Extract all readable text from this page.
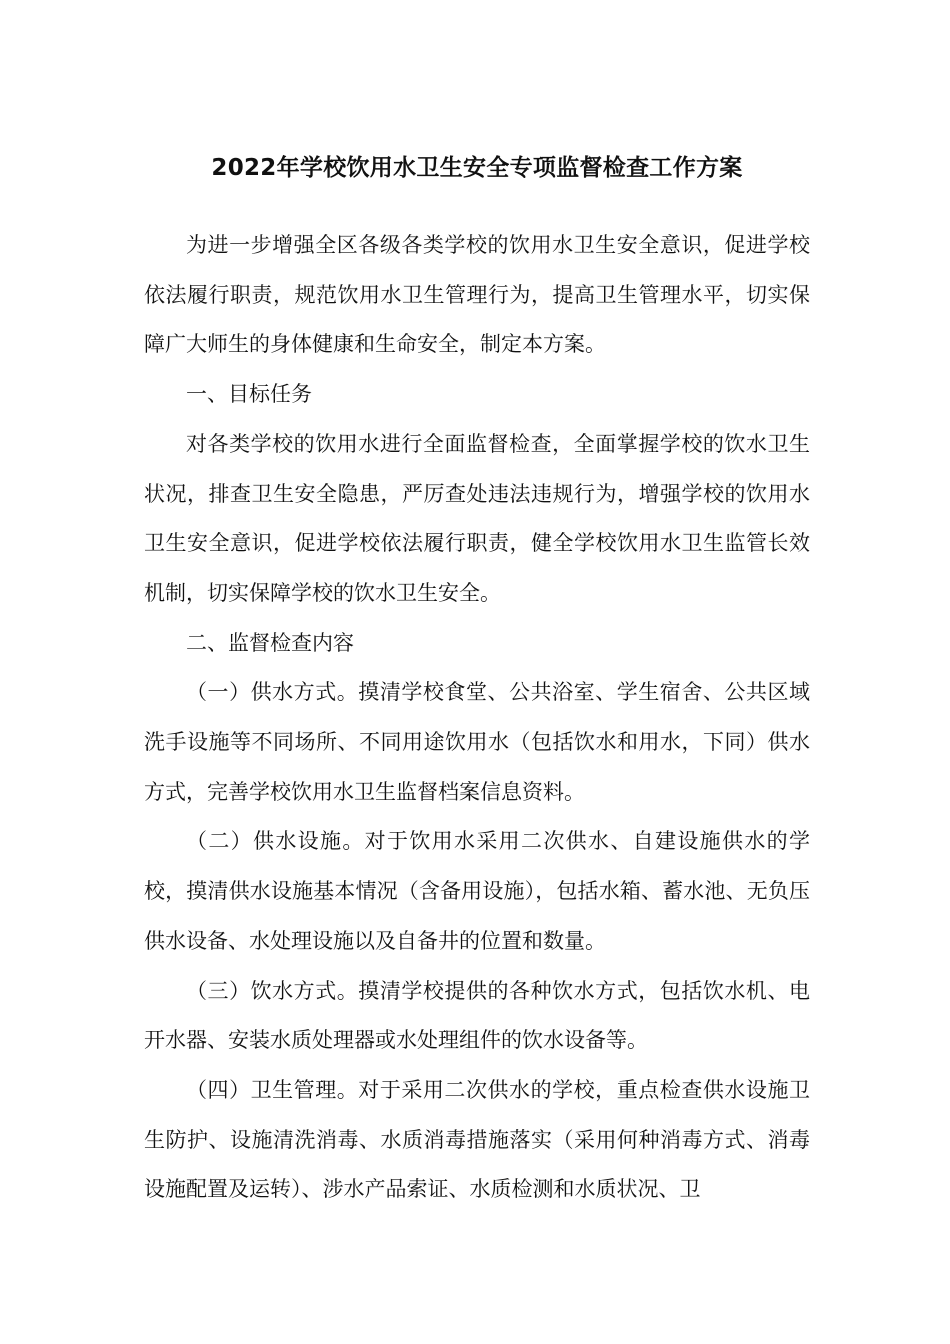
2022年学校饮用水卫生安全专项监督检查工作方案

为进一步增强全区各级各类学校的饮用水卫生安全意识，促进学校依法履行职责，规范饮用水卫生管理行为，提高卫生管理水平，切实保障广大师生的身体健康和生命安全，制定本方案。

一、目标任务

对各类学校的饮用水进行全面监督检查，全面掌握学校的饮水卫生状况，排查卫生安全隐患，严厉查处违法违规行为，增强学校的饮用水卫生安全意识，促进学校依法履行职责，健全学校饮用水卫生监管长效机制，切实保障学校的饮水卫生安全。

二、监督检查内容

（一）供水方式。摸清学校食堂、公共浴室、学生宿舍、公共区域洗手设施等不同场所、不同用途饮用水（包括饮水和用水，下同）供水方式，完善学校饮用水卫生监督档案信息资料。

（二）供水设施。对于饮用水采用二次供水、自建设施供水的学校，摸清供水设施基本情况（含备用设施），包括水箱、蓄水池、无负压供水设备、水处理设施以及自备井的位置和数量。

（三）饮水方式。摸清学校提供的各种饮水方式，包括饮水机、电开水器、安装水质处理器或水处理组件的饮水设备等。

（四）卫生管理。对于采用二次供水的学校，重点检查供水设施卫生防护、设施清洗消毒、水质消毒措施落实（采用何种消毒方式、消毒设施配置及运转）、涉水产品索证、水质检测和水质状况、卫
